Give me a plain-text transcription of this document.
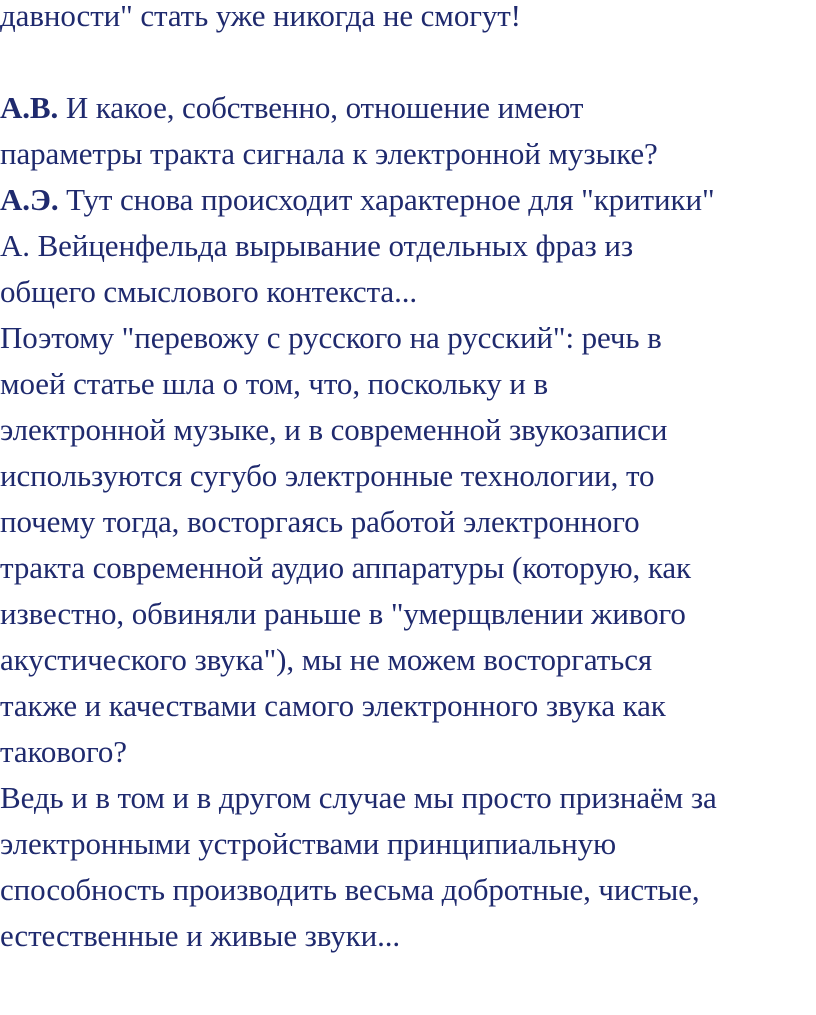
давности" стать уже никогда не смогут!
А.В. И какое, собственно, отношение имеют
параметры тракта сигнала к электронной музыке?
А.Э. Тут снова происходит характерное для "критики"
А. Вейценфельда вырывание отдельных фраз из
общего смыслового контекста...
Поэтому "перевожу с русского на русский": речь в
моей статье шла о том, что, поскольку и в
электронной музыке, и в современной звукозаписи
используются сугубо электронные технологии, то
почему тогда, восторгаясь работой электронного
тракта современной аудио аппаратуры (которую, как
известно, обвиняли раньше в "умерщвлении живого
акустического звука"), мы не можем восторгаться
также и качествами самого электронного звука как
такового?
Ведь и в том и в другом случае мы просто признаём за
электронными устройствами принципиальную
способность производить весьма добротные, чистые,
естественные и живые звуки...
